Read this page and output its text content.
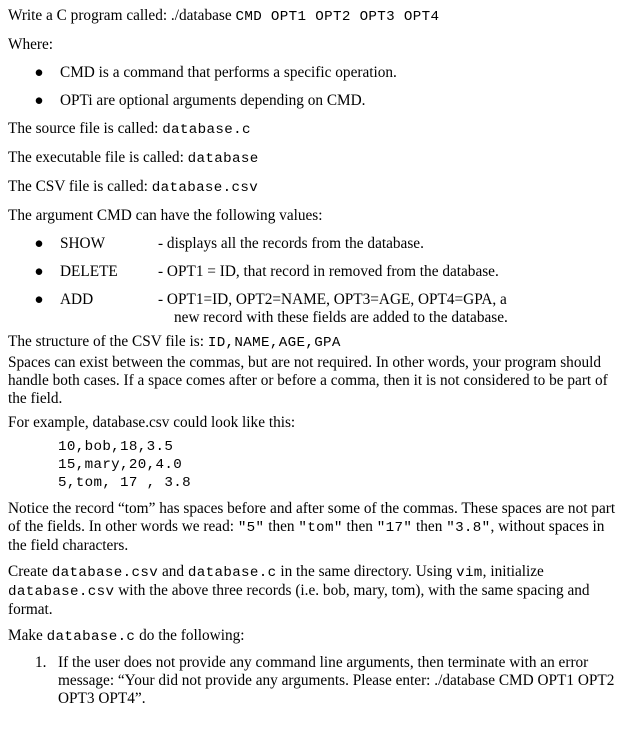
Write a C program called: ./database CMD OPT1 OPT2 OPT3 OPT4

Where:

● CMD is a command that performs a specific operation.
● OPTi are optional arguments depending on CMD.

The source file is called: database.c

The executable file is called: database

The CSV file is called: database.csv

The argument CMD can have the following values:

● SHOW	- displays all the records from the database.
● DELETE	- OPT1 = ID, that record in removed from the database.
● ADD	- OPT1=ID, OPT2=NAME, OPT3=AGE, OPT4=GPA, a
new record with these fields are added to the database.

The structure of the CSV file is: ID,NAME,AGE,GPA

Spaces can exist between the commas, but are not required. In other words, your program should handle both cases. If a space comes after or before a comma, then it is not considered to be part of the field.

For example, database.csv could look like this:

10,bob,18,3.5
15,mary,20,4.0
5,tom, 17 , 3.8

Notice the record “tom” has spaces before and after some of the commas. These spaces are not part of the fields. In other words we read: "5" then "tom" then "17" then "3.8", without spaces in the field characters.

Create database.csv and database.c in the same directory. Using vim, initialize database.csv with the above three records (i.e. bob, mary, tom), with the same spacing and format.

Make database.c do the following:

1. If the user does not provide any command line arguments, then terminate with an error message: “Your did not provide any arguments. Please enter: ./database CMD OPT1 OPT2 OPT3 OPT4”.
